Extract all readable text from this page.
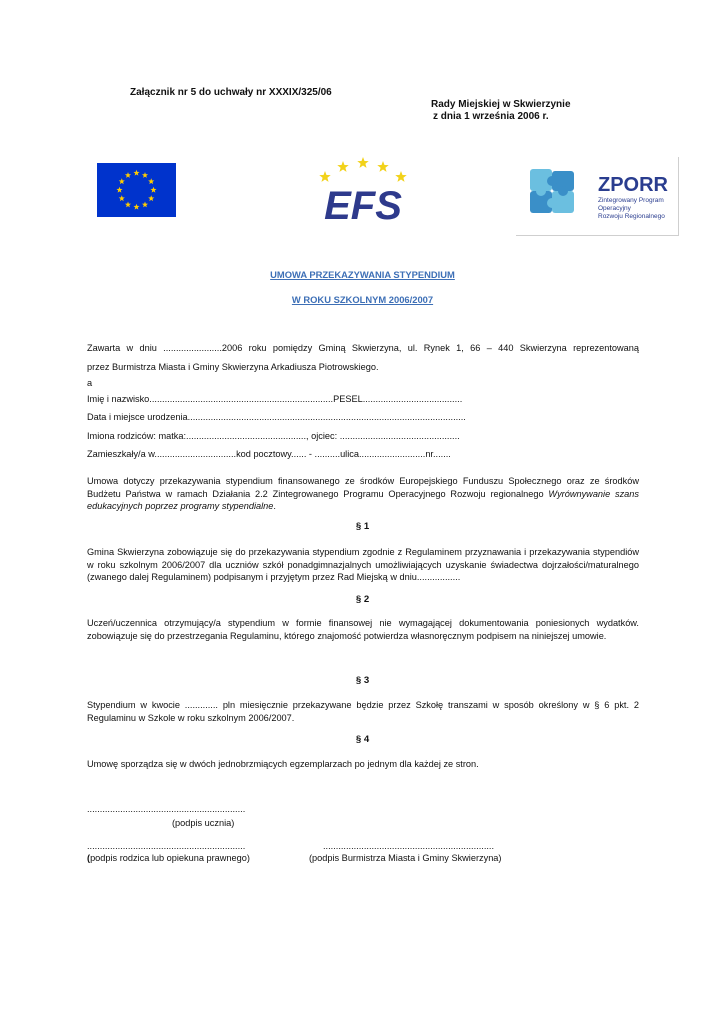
Załącznik nr 5 do uchwały nr XXXIX/325/06
Rady Miejskiej w Skwierzynie
z dnia 1 września 2006 r.
EFS	ZPORR
Zintegrowany Program
Operacyjny
Rozwoju Regionalnego
UMOWA PRZEKAZYWANIA STYPENDIUM
W ROKU SZKOLNYM 2006/2007
Zawarta w dniu .......................2006 roku pomiędzy Gminą Skwierzyna, ul. Rynek 1, 66 – 440 Skwierzyna reprezentowaną
przez Burmistrza Miasta i Gminy Skwierzyna Arkadiusza Piotrowskiego.
a
Imię i nazwisko........................................................................PESEL.......................................
Data i miejsce urodzenia.............................................................................................................
Imiona rodziców: matka:..............................................., ojciec: ...............................................
Zamieszkały/a w................................kod pocztowy...... - ..........ulica..........................nr.......
Umowa dotyczy przekazywania stypendium finansowanego ze środków Europejskiego Funduszu Społecznego oraz ze środków Budżetu Państwa w ramach Działania 2.2 Zintegrowanego Programu Operacyjnego Rozwoju regionalnego Wyrównywanie szans edukacyjnych poprzez programy stypendialne.
§ 1
Gmina Skwierzyna zobowiązuje się do przekazywania stypendium zgodnie z Regulaminem przyznawania i przekazywania stypendiów w roku szkolnym 2006/2007 dla uczniów szkół ponadgimnazjalnych umożliwiających uzyskanie świadectwa dojrzałości/maturalnego (zwanego dalej Regulaminem) podpisanym i przyjętym przez Rad Miejską w dniu.................
§ 2
Uczeń/uczennica otrzymujący/a stypendium w formie finansowej nie wymagającej dokumentowania poniesionych wydatków. zobowiązuje się do przestrzegania Regulaminu, którego znajomość potwierdza własnoręcznym podpisem na niniejszej umowie.
§ 3
Stypendium w kwocie ............. pln miesięcznie przekazywane będzie przez Szkołę transzami w sposób określony w § 6 pkt. 2 Regulaminu w Szkole w roku szkolnym 2006/2007.
§ 4
Umowę sporządza się w dwóch jednobrzmiących egzemplarzach po jednym dla każdej ze stron.
..............................................................
(podpis ucznia)
..............................................................
(podpis rodzica lub opiekuna prawnego)
...................................................................
(podpis Burmistrza Miasta i Gminy Skwierzyna)
